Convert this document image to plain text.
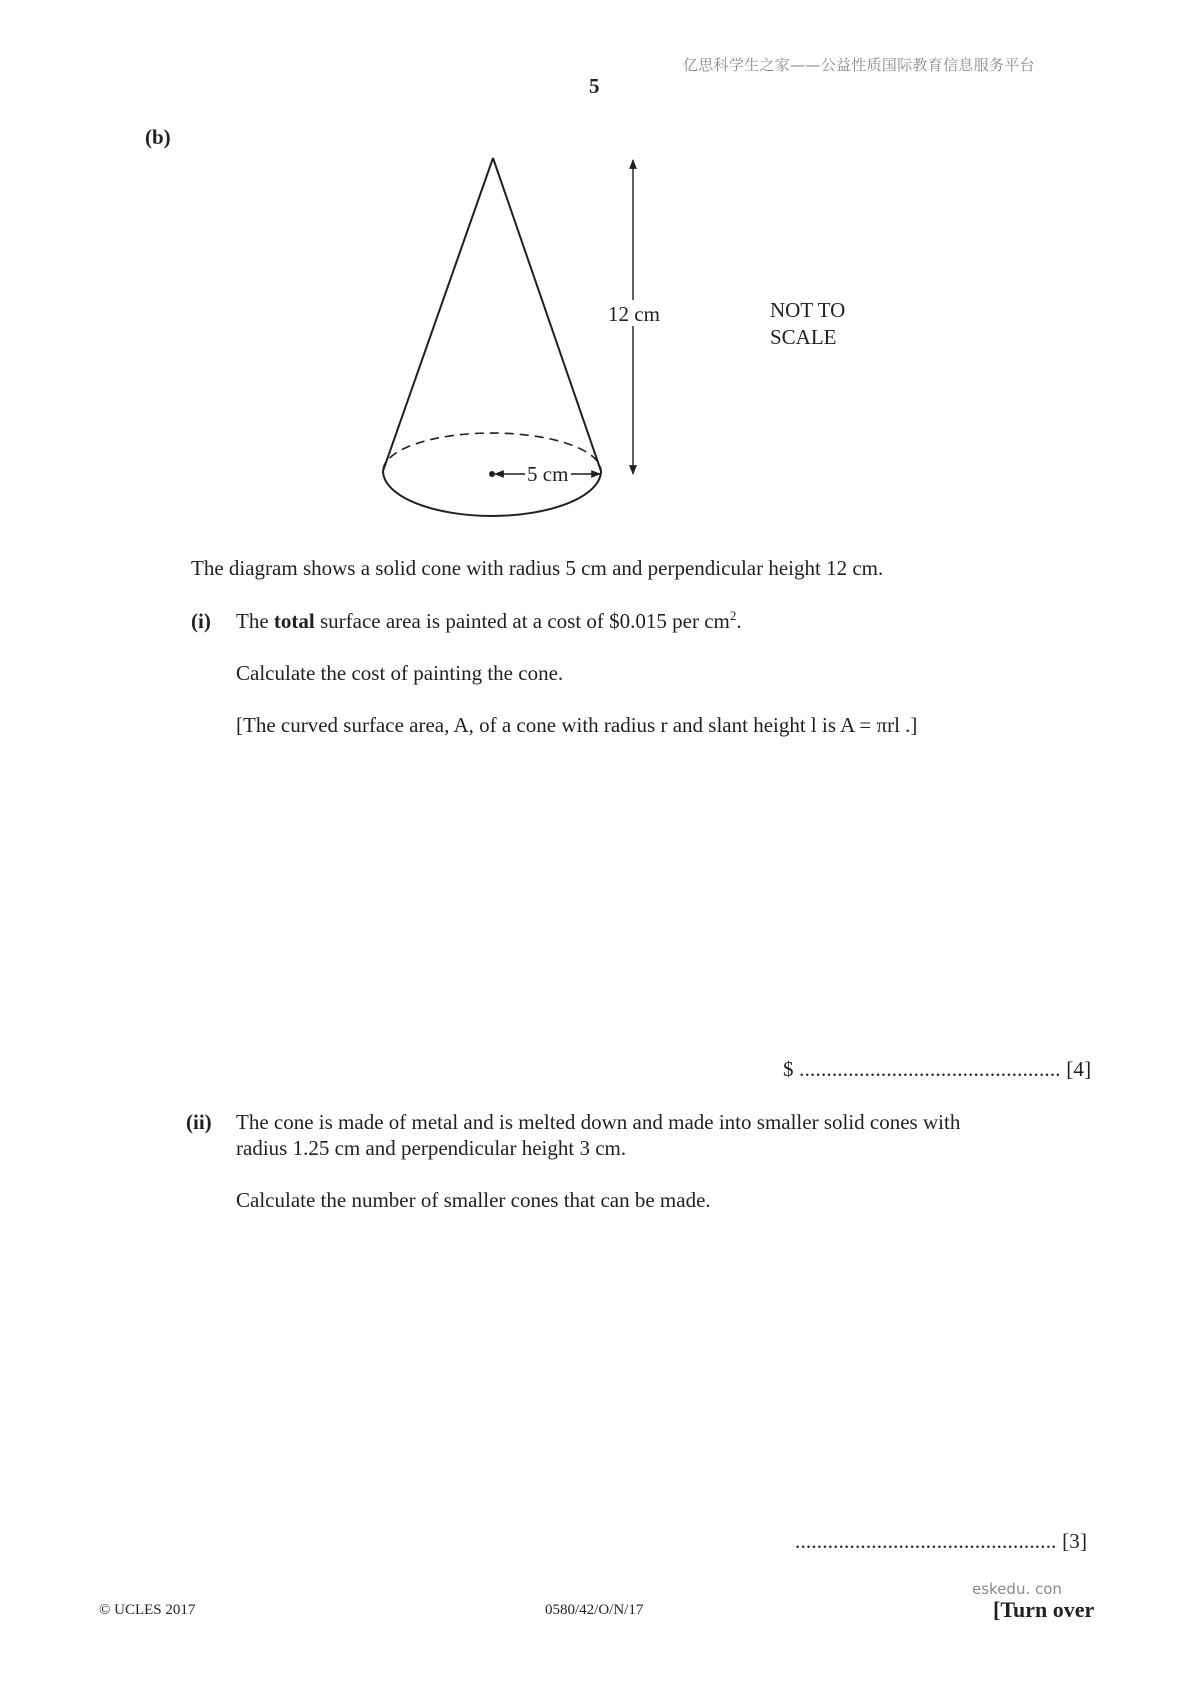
亿思科学生之家——公益性质国际教育信息服务平台
5
(b)
5 cm
12 cm	NOT TO
SCALE
The diagram shows a solid cone with radius 5 cm and perpendicular height 12 cm.
(i) The total surface area is painted at a cost of $0.015 per $cm^2$.
Calculate the cost of painting the cone.
[The curved surface area, A, of a cone with radius r and slant height l is A = πrl .]
$ ................................................ [4]
(ii) The cone is made of metal and is melted down and made into smaller solid cones with
radius 1.25 cm and perpendicular height 3 cm.
Calculate the number of smaller cones that can be made.
................................................ [3]
eskedu. con
© UCLES 2017	0580/42/O/N/17	[Turn over
